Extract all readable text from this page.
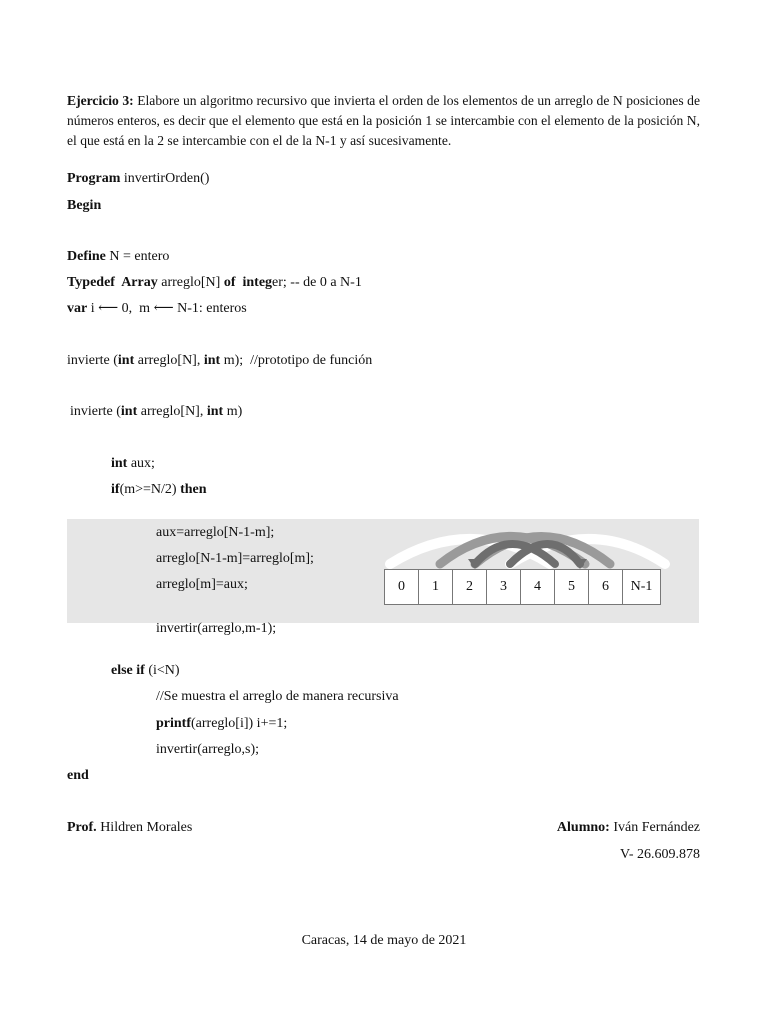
Ejercicio 3: Elabore un algoritmo recursivo que invierta el orden de los elementos de un arreglo de N posiciones de números enteros, es decir que el elemento que está en la posición 1 se intercambie con el elemento de la posición N, el que está en la 2 se intercambie con el de la N-1 y así sucesivamente.
Program invertirOrden()
Begin
Define N = entero
Typedef  Array arreglo[N] of  integer; -- de 0 a N-1
var i ⟵ 0,  m ⟵ N-1: enteros
invierte (int arreglo[N], int m);  //prototipo de función
invierte (int arreglo[N], int m)
int aux;
if(m>=N/2) then
0	1	2	3	4	5	6	N-1
aux=arreglo[N-1-m];
arreglo[N-1-m]=arreglo[m];
arreglo[m]=aux;
invertir(arreglo,m-1);
else if (i<N)
//Se muestra el arreglo de manera recursiva
printf(arreglo[i]) i+=1;
invertir(arreglo,s);
end
Prof. Hildren Morales	Alumno: Iván Fernández
V- 26.609.878
Caracas, 14 de mayo de 2021
